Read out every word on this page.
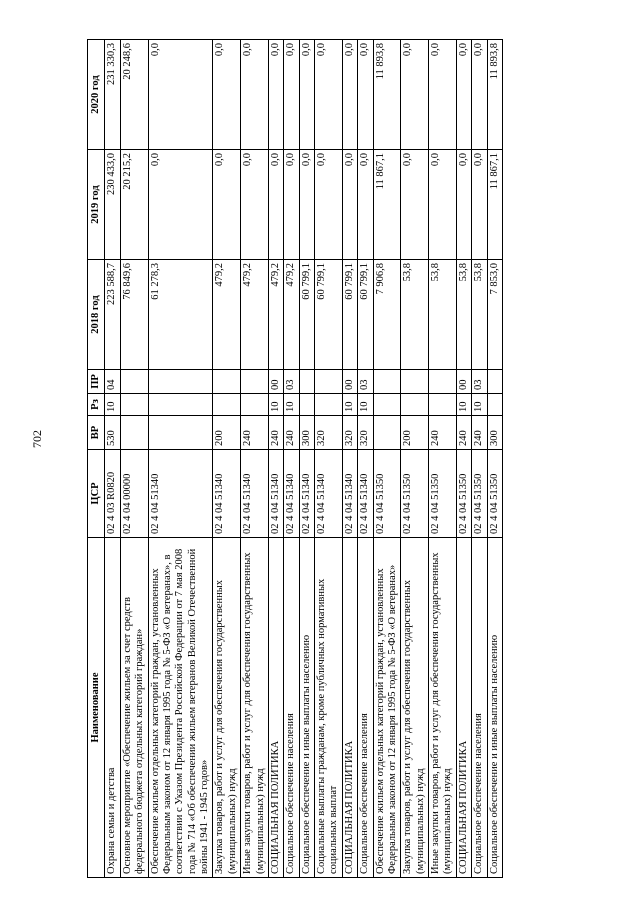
702
Наименование	ЦСР	ВР	Рз	ПР	2018 год	2019 год	2020 год
Охрана семьи и детства	02 4 03 R0820	530	10	04	223 588,7	230 433,0	231 330,3
Основное мероприятие «Обеспечение жильем за счет средств федерального бюджета отдельных категорий граждан»	02 4 04 00000				76 849,6	20 215,2	20 248,6
Обеспечение жильем отдельных категорий граждан, установленных Федеральным законом от 12 января 1995 года № 5-ФЗ «О ветеранах», в соответствии с Указом Президента Российской Федерации от 7 мая 2008 года № 714 «Об обеспечении жильем ветеранов Великой Отечественной войны 1941 - 1945 годов»	02 4 04 51340				61 278,3	0,0	0,0
Закупка товаров, работ и услуг для обеспечения государственных (муниципальных) нужд	02 4 04 51340	200			479,2	0,0	0,0
Иные закупки товаров, работ и услуг для обеспечения государственных (муниципальных) нужд	02 4 04 51340	240			479,2	0,0	0,0
СОЦИАЛЬНАЯ ПОЛИТИКА	02 4 04 51340	240	10	00	479,2	0,0	0,0
Социальное обеспечение населения	02 4 04 51340	240	10	03	479,2	0,0	0,0
Социальное обеспечение и иные выплаты населению	02 4 04 51340	300			60 799,1	0,0	0,0
Социальные выплаты гражданам, кроме публичных нормативных социальных выплат	02 4 04 51340	320			60 799,1	0,0	0,0
СОЦИАЛЬНАЯ ПОЛИТИКА	02 4 04 51340	320	10	00	60 799,1	0,0	0,0
Социальное обеспечение населения	02 4 04 51340	320	10	03	60 799,1	0,0	0,0
Обеспечение жильем отдельных категорий граждан, установленных Федеральным законом от 12 января 1995 года № 5-ФЗ «О ветеранах»	02 4 04 51350				7 906,8	11 867,1	11 893,8
Закупка товаров, работ и услуг для обеспечения государственных (муниципальных) нужд	02 4 04 51350	200			53,8	0,0	0,0
Иные закупки товаров, работ и услуг для обеспечения государственных (муниципальных) нужд	02 4 04 51350	240			53,8	0,0	0,0
СОЦИАЛЬНАЯ ПОЛИТИКА	02 4 04 51350	240	10	00	53,8	0,0	0,0
Социальное обеспечение населения	02 4 04 51350	240	10	03	53,8	0,0	0,0
Социальное обеспечение и иные выплаты населению	02 4 04 51350	300			7 853,0	11 867,1	11 893,8
